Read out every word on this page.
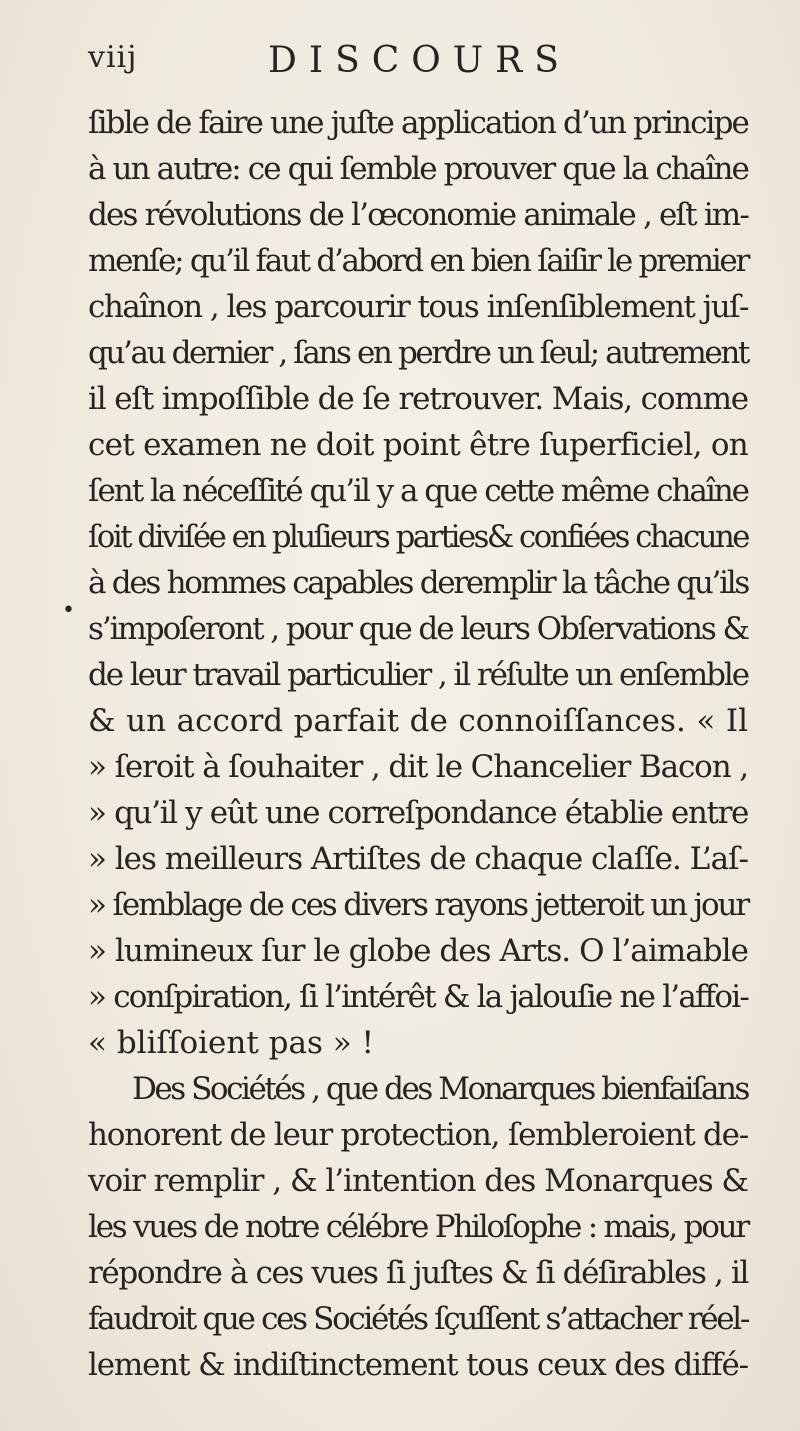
viij	DISCOURS
•
ſible de faire une juſte application d’un principe
à un autre: ce qui ſemble prouver que la chaîne
des révolutions de l’œconomie animale , eſt im-
menſe; qu’il faut d’abord en bien ſaiſir le premier
chaînon , les parcourir tous inſenſiblement juſ-
qu’au dernier , ſans en perdre un ſeul; autrement
il eſt impoſſible de ſe retrouver. Mais, comme
cet examen ne doit point être ſuperficiel, on
ſent la néceſſité qu’il y a que cette même chaîne
ſoit diviſée en pluſieurs parties& confiées chacune
à des hommes capables deremplir la tâche qu’ils
s’impoſeront , pour que de leurs Obſervations &
de leur travail particulier , il réſulte un enſemble
& un accord parfait de connoiſſances. « Il
» ſeroit à ſouhaiter , dit le Chancelier Bacon ,
» qu’il y eût une correſpondance établie entre
» les meilleurs Artiſtes de chaque claſſe. L’aſ-
» ſemblage de ces divers rayons jetteroit un jour
» lumineux ſur le globe des Arts. O l’aimable
» conſpiration, ſi l’intérêt & la jalouſie ne l’affoi-
« bliſſoient pas » !
Des Sociétés , que des Monarques bienfaiſans
honorent de leur protection, ſembleroient de-
voir remplir , & l’intention des Monarques &
les vues de notre célébre Philoſophe : mais, pour
répondre à ces vues ſi juſtes & ſi déſirables , il
faudroit que ces Sociétés ſçuſſent s’attacher réel-
lement & indiſtinctement tous ceux des diffé-
